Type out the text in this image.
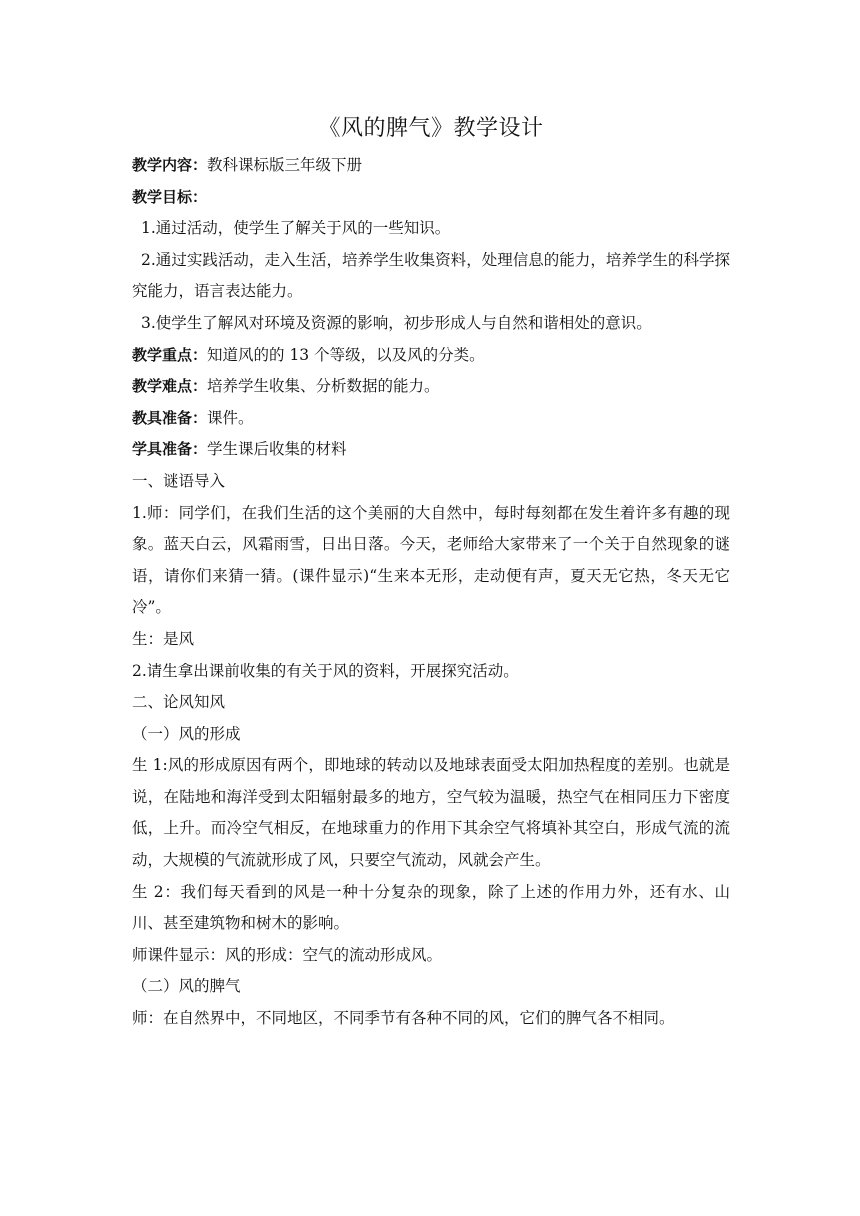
《风的脾气》教学设计

教学内容：教科课标版三年级下册

教学目标：

1.通过活动，使学生了解关于风的一些知识。

2.通过实践活动，走入生活，培养学生收集资料，处理信息的能力，培养学生的科学探究能力，语言表达能力。

3.使学生了解风对环境及资源的影响，初步形成人与自然和谐相处的意识。

教学重点：知道风的的 13 个等级，以及风的分类。

教学难点：培养学生收集、分析数据的能力。

教具准备：课件。

学具准备：学生课后收集的材料

一、谜语导入

1.师：同学们，在我们生活的这个美丽的大自然中，每时每刻都在发生着许多有趣的现象。蓝天白云，风霜雨雪，日出日落。今天，老师给大家带来了一个关于自然现象的谜语，请你们来猜一猜。(课件显示)“生来本无形，走动便有声，夏天无它热，冬天无它冷”。

生：是风

2.请生拿出课前收集的有关于风的资料，开展探究活动。

二、论风知风

（一）风的形成

生 1:风的形成原因有两个，即地球的转动以及地球表面受太阳加热程度的差别。也就是说，在陆地和海洋受到太阳辐射最多的地方，空气较为温暖，热空气在相同压力下密度低，上升。而冷空气相反，在地球重力的作用下其余空气将填补其空白，形成气流的流动，大规模的气流就形成了风，只要空气流动，风就会产生。

生 2：我们每天看到的风是一种十分复杂的现象，除了上述的作用力外，还有水、山川、甚至建筑物和树木的影响。

师课件显示：风的形成：空气的流动形成风。

（二）风的脾气

师：在自然界中，不同地区，不同季节有各种不同的风，它们的脾气各不相同。
